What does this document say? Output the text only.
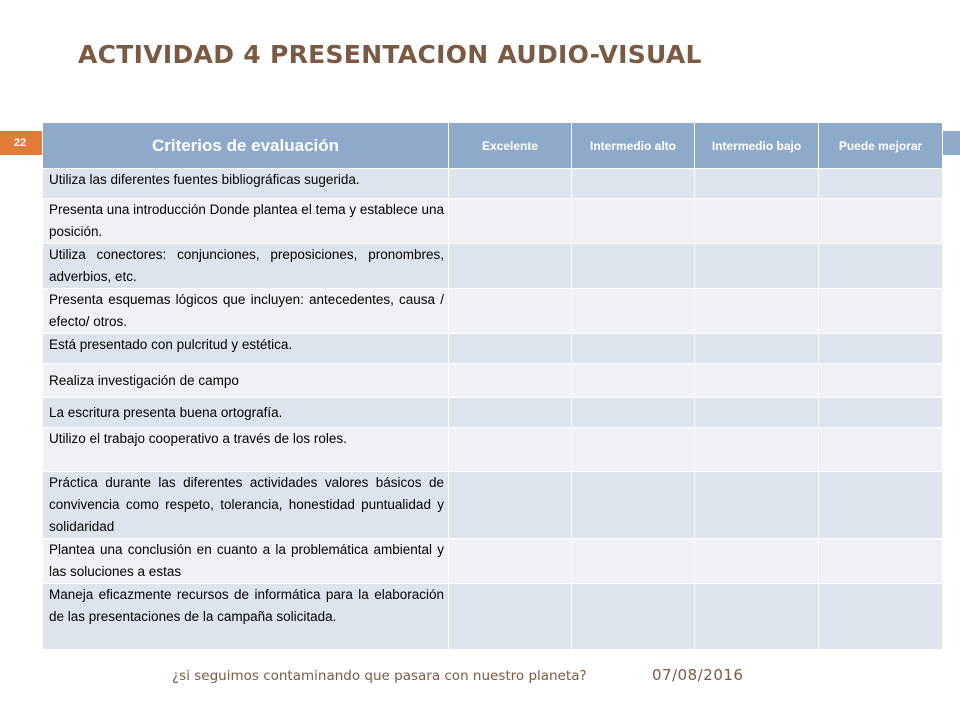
ACTIVIDAD 4 PRESENTACION AUDIO-VISUAL
Criterios de evaluación	Excelente	Intermedio alto	Intermedio bajo	Puede mejorar
Utiliza las diferentes fuentes bibliográficas sugerida.				
Presenta una introducción Donde plantea el tema y establece una posición.				
Utiliza conectores: conjunciones, preposiciones, pronombres, adverbios, etc.				
Presenta esquemas lógicos que incluyen: antecedentes, causa / efecto/ otros.				
Está presentado con pulcritud y estética.				
Realiza investigación de campo				
La escritura presenta buena ortografía.				
Utilizo el trabajo cooperativo a través de los roles.				
Práctica durante las diferentes actividades valores básicos de convivencia como respeto, tolerancia, honestidad puntualidad y solidaridad				
Plantea una conclusión en cuanto a la problemática ambiental y las soluciones a estas				
Maneja eficazmente recursos de informática para la elaboración de las presentaciones de la campaña solicitada.				
22
¿si seguimos contaminando que pasara con nuestro planeta?	07/08/2016
